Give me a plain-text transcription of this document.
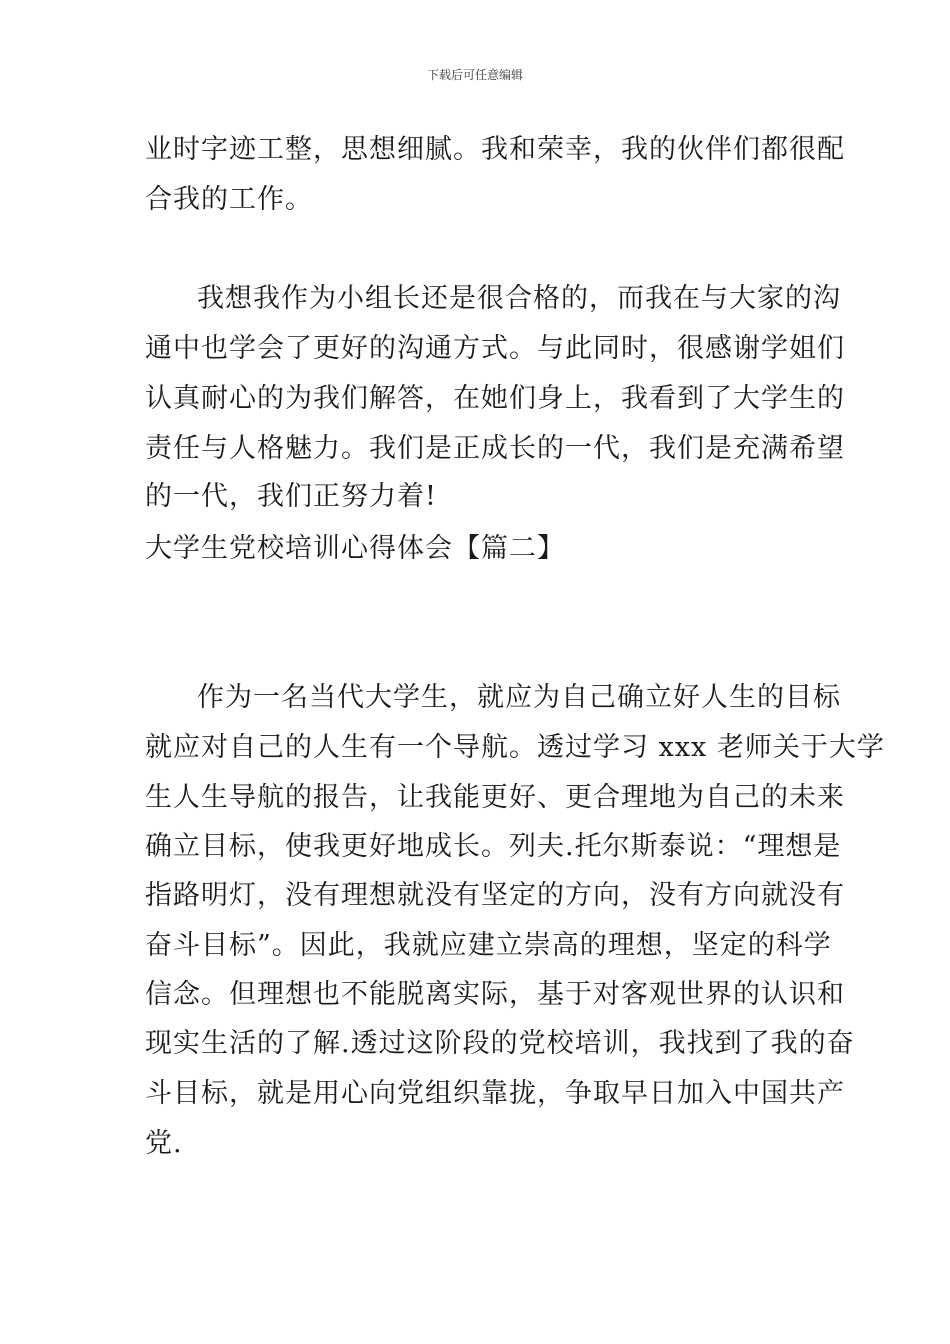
下载后可任意编辑
业时字迹工整，思想细腻。我和荣幸，我的伙伴们都很配
合我的工作。
我想我作为小组长还是很合格的，而我在与大家的沟
通中也学会了更好的沟通方式。与此同时，很感谢学姐们
认真耐心的为我们解答，在她们身上，我看到了大学生的
责任与人格魅力。我们是正成长的一代，我们是充满希望
的一代，我们正努力着!
大学生党校培训心得体会【篇二】
作为一名当代大学生，就应为自己确立好人生的目标
就应对自己的人生有一个导航。透过学习 xxx 老师关于大学
生人生导航的报告，让我能更好、更合理地为自己的未来
确立目标，使我更好地成长。列夫.托尔斯泰说：“理想是
指路明灯，没有理想就没有坚定的方向，没有方向就没有
奋斗目标”。因此，我就应建立崇高的理想，坚定的科学
信念。但理想也不能脱离实际，基于对客观世界的认识和
现实生活的了解.透过这阶段的党校培训，我找到了我的奋
斗目标，就是用心向党组织靠拢，争取早日加入中国共产
党.
